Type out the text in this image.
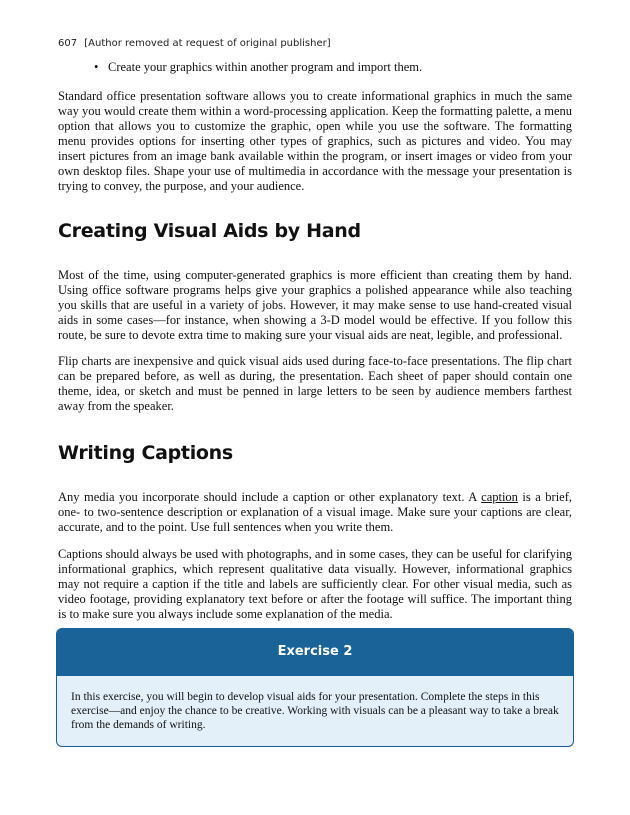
607 [Author removed at request of original publisher]
• Create your graphics within another program and import them.

Standard office presentation software allows you to create informational graphics in much the same way you would create them within a word-processing application. Keep the formatting palette, a menu option that allows you to customize the graphic, open while you use the software. The formatting menu provides options for inserting other types of graphics, such as pictures and video. You may insert pictures from an image bank available within the program, or insert images or video from your own desktop files. Shape your use of multimedia in accordance with the message your presentation is trying to convey, the purpose, and your audience.

Creating Visual Aids by Hand

Most of the time, using computer-generated graphics is more efficient than creating them by hand. Using office software programs helps give your graphics a polished appearance while also teaching you skills that are useful in a variety of jobs. However, it may make sense to use hand-created visual aids in some cases—for instance, when showing a 3-D model would be effective. If you follow this route, be sure to devote extra time to making sure your visual aids are neat, legible, and professional.

Flip charts are inexpensive and quick visual aids used during face-to-face presentations. The flip chart can be prepared before, as well as during, the presentation. Each sheet of paper should contain one theme, idea, or sketch and must be penned in large letters to be seen by audience members farthest away from the speaker.

Writing Captions

Any media you incorporate should include a caption or other explanatory text. A caption is a brief, one- to two-sentence description or explanation of a visual image. Make sure your captions are clear, accurate, and to the point. Use full sentences when you write them.

Captions should always be used with photographs, and in some cases, they can be useful for clarifying informational graphics, which represent qualitative data visually. However, informational graphics may not require a caption if the title and labels are sufficiently clear. For other visual media, such as video footage, providing explanatory text before or after the footage will suffice. The important thing is to make sure you always include some explanation of the media.

Exercise 2

In this exercise, you will begin to develop visual aids for your presentation. Complete the steps in this exercise—and enjoy the chance to be creative. Working with visuals can be a pleasant way to take a break from the demands of writing.
